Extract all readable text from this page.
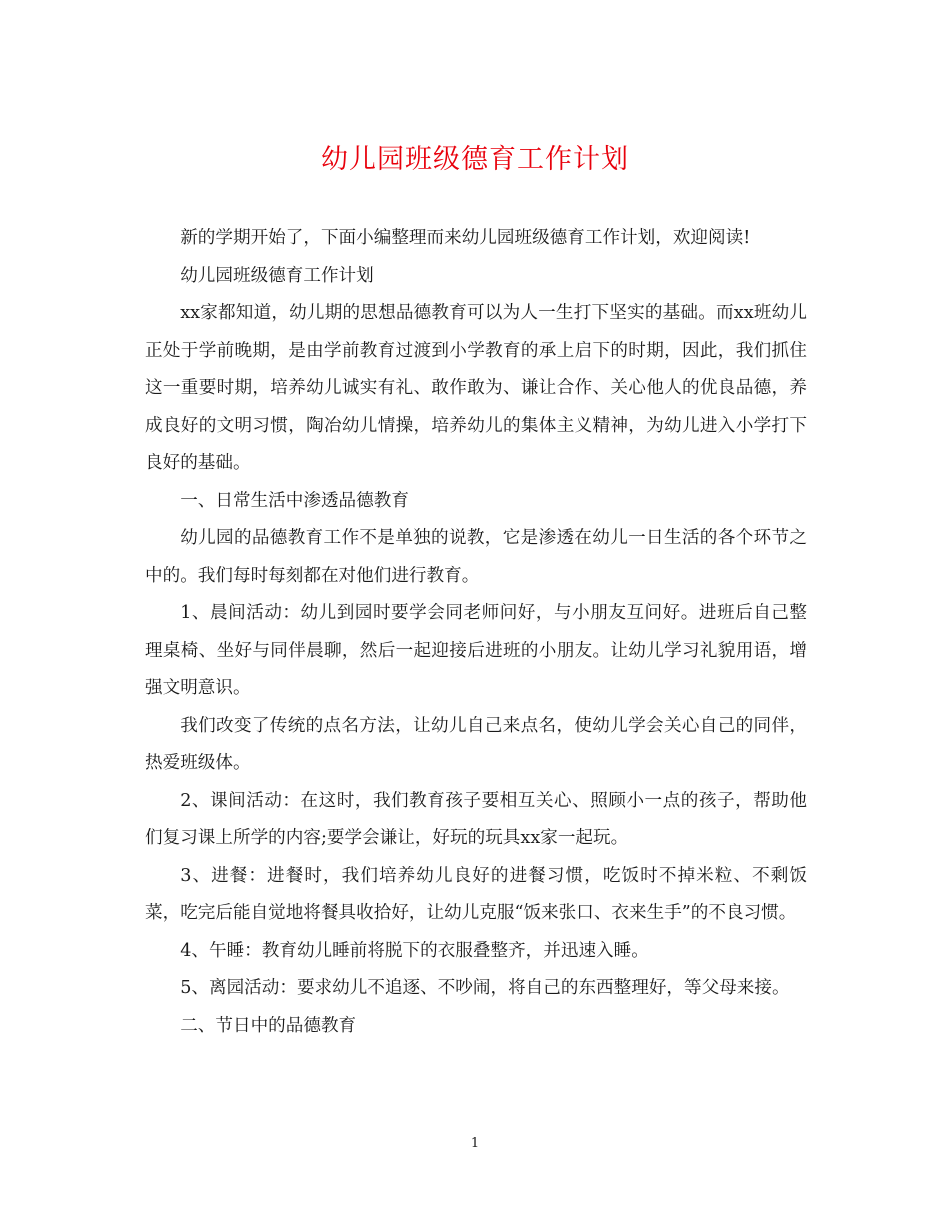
幼儿园班级德育工作计划

新的学期开始了，下面小编整理而来幼儿园班级德育工作计划，欢迎阅读!

幼儿园班级德育工作计划

xx家都知道，幼儿期的思想品德教育可以为人一生打下坚实的基础。而xx班幼儿正处于学前晚期，是由学前教育过渡到小学教育的承上启下的时期，因此，我们抓住这一重要时期，培养幼儿诚实有礼、敢作敢为、谦让合作、关心他人的优良品德，养成良好的文明习惯，陶冶幼儿情操，培养幼儿的集体主义精神，为幼儿进入小学打下良好的基础。

一、日常生活中渗透品德教育

幼儿园的品德教育工作不是单独的说教，它是渗透在幼儿一日生活的各个环节之中的。我们每时每刻都在对他们进行教育。

1、晨间活动：幼儿到园时要学会同老师问好，与小朋友互问好。进班后自己整理桌椅、坐好与同伴晨聊，然后一起迎接后进班的小朋友。让幼儿学习礼貌用语，增强文明意识。

我们改变了传统的点名方法，让幼儿自己来点名，使幼儿学会关心自己的同伴，热爱班级体。

2、课间活动：在这时，我们教育孩子要相互关心、照顾小一点的孩子，帮助他们复习课上所学的内容;要学会谦让，好玩的玩具xx家一起玩。

3、进餐：进餐时，我们培养幼儿良好的进餐习惯，吃饭时不掉米粒、不剩饭菜，吃完后能自觉地将餐具收拾好，让幼儿克服“饭来张口、衣来生手”的不良习惯。

4、午睡：教育幼儿睡前将脱下的衣服叠整齐，并迅速入睡。

5、离园活动：要求幼儿不追逐、不吵闹，将自己的东西整理好，等父母来接。

二、节日中的品德教育

1
